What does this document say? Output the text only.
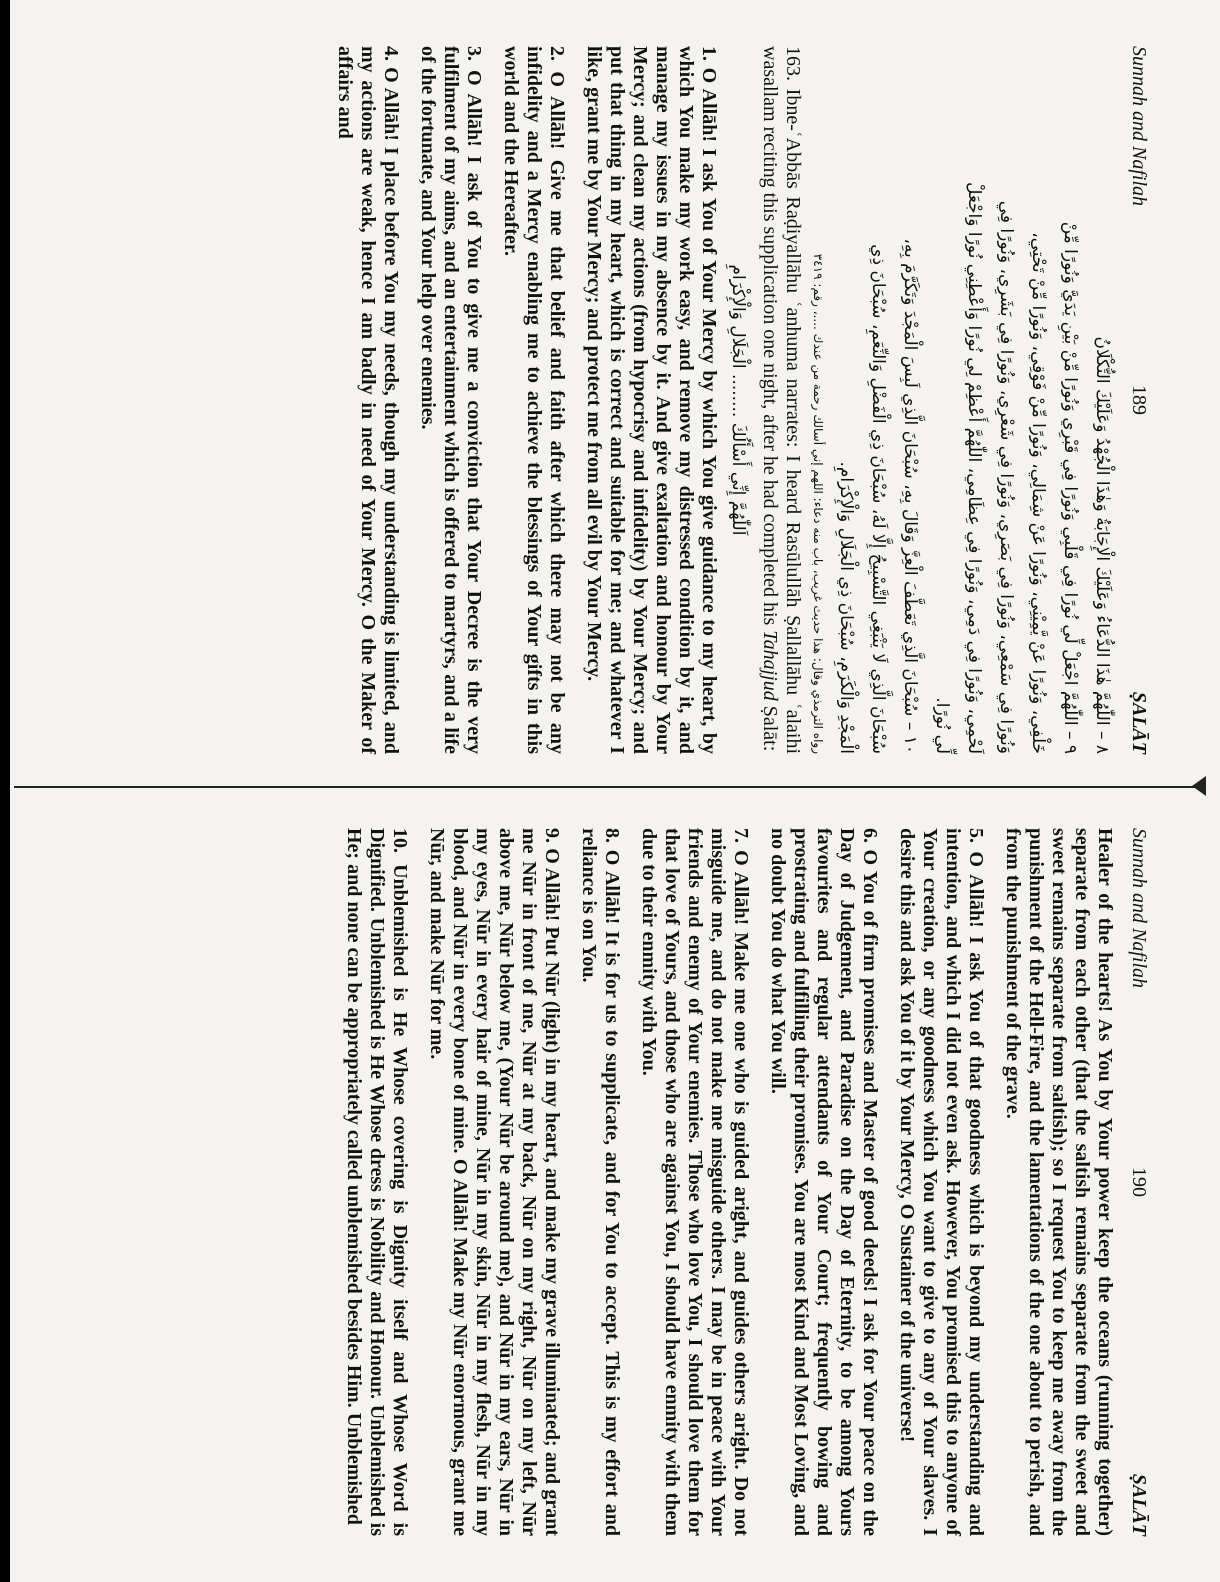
Sunnah and Nafilah
189
ṢALĀT

٨ – اللّٰهُمَّ هٰذَا الدُّعَاءُ وَعَلَيْكَ الْإِجَابَةُ وَهٰذَا الْجُهْدُ وَعَلَيْكَ التُّكْلَانُ

٩ – اللّٰهُمَّ اجْعَلْ لِّي نُورًا فِي قَلْبِي وَنُورًا فِي قَبْرِي وَنُورًا مِّنْ بَيْنِ يَدَيَّ وَنُورًا مِّنْ

خَلْفِي، وَنُورًا عَنْ يَّمِيْنِي، وَنُورًا عَنْ شِمَالِي، وَنُورًا مِّنْ فَوْقِي، وَنُورًا مِّنْ تَحْتِي،

وَنُورًا فِي سَمْعِي، وَنُورًا فِي بَصَرِي، وَنُورًا فِي شَعْرِي، وَنُورًا فِي بَشَرِي، وَنُورًا فِي

لَحْمِي، وَنُورًا فِي دَمِي، وَنُورًا فِي عِظَامِي، اللّٰهُمَّ أَعْظِمْ لِي نُورًا وَأَعْطِنِي نُورًا وَاجْعَلْ

لِّي نُورًا.

١٠ – سُبْحَانَ الَّذِي تَعَطَّفَ الْعِزَّ وَقَالَ بِهِ، سُبْحَانَ الَّذِي لَبِسَ الْمَجْدَ وَتَكَرَّمَ بِهِ،

سُبْحَانَ الَّذِي لَا يَنْبَغِي التَّسْبِيحُ إِلَّا لَهُ، سُبْحَانَ ذِي الْفَضْلِ وَالنِّعَمِ، سُبْحَانَ ذِي

الْمَجْدِ وَالْكَرَمِ، سُبْحَانَ ذِي الْجَلَالِ وَالْإِكْرَامِ.

رواه الترمذي وقال: هذا حديث غريب، باب منه دعاء: اللهم إني أسالك رحمة من عندك ....، رقم: ٣٤١٩

163. Ibne-ʿAbbās Raḍiyallāhu ʿanhuma narrates: I heard Rasūlullāh Ṣallallāhu ʿalaihi wasallam reciting this supplication one night, after he had completed his Tahajjud Ṣalāt:

اَللّٰهُمَّ إِنِّي أَسْأَلُكَ ........ الْجَلَالِ وَالْإِكْرَامِ

1. O Allāh! I ask You of Your Mercy by which You give guidance to my heart, by which You make my work easy, and remove my distressed condition by it, and manage my issues in my absence by it. And give exaltation and honour by Your Mercy; and clean my actions (from hypocrisy and infidelity) by Your Mercy; and put that thing in my heart, which is correct and suitable for me; and whatever I like, grant me by Your Mercy; and protect me from all evil by Your Mercy.

2. O Allāh! Give me that belief and faith after which there may not be any infidelity and a Mercy enabling me to achieve the blessings of Your gifts in this world and the Hereafter.

3. O Allāh! I ask of You to give me a conviction that Your Decree is the very fulfilment of my aims, and an entertainment which is offered to martyrs, and a life of the fortunate, and Your help over enemies.

4. O Allāh! I place before You my needs, though my understanding is limited, and my actions are weak, hence I am badly in need of Your Mercy. O the Maker of affairs and

Sunnah and Nafilah
190
ṢALĀT

Healer of the hearts! As You by Your power keep the oceans (running together) separate from each other (that the saltish remains separate from the sweet and sweet remains separate from saltish); so I request You to keep me away from the punishment of the Hell-Fire, and the lamentations of the one about to perish, and from the punishment of the grave.

5. O Allāh! I ask You of that goodness which is beyond my understanding and intention, and which I did not even ask. However, You promised this to anyone of Your creation, or any goodness which You want to give to any of Your slaves. I desire this and ask You of it by Your Mercy, O Sustainer of the universe!

6. O You of firm promises and Master of good deeds! I ask for Your peace on the Day of Judgement, and Paradise on the Day of Eternity, to be among Yours favourites and regular attendants of Your Court; frequently bowing and prostrating and fulfilling their promises. You are most Kind and Most Loving, and no doubt You do what You will.

7. O Allāh! Make me one who is guided aright, and guides others aright. Do not misguide me, and do not make me misguide others. I may be in peace with Your friends and enemy of Your enemies. Those who love You, I should love them for that love of Yours, and those who are against You, I should have enmity with them due to their enmity with You.

8. O Allāh! It is for us to supplicate, and for You to accept. This is my effort and reliance is on You.

9. O Allāh! Put Nūr (light) in my heart, and make my grave illuminated; and grant me Nūr in front of me, Nūr at my back, Nūr on my right, Nūr on my left, Nūr above me, Nūr below me, (Your Nūr be around me), and Nūr in my ears, Nūr in my eyes, Nūr in every hair of mine, Nūr in my skin, Nūr in my flesh, Nūr in my blood, and Nūr in every bone of mine. O Allāh! Make my Nūr enormous, grant me Nūr, and make Nūr for me.

10. Unblemished is He Whose covering is Dignity itself and Whose Word is Dignified. Unblemished is He Whose dress is Nobility and Honour. Unblemished is He; and none can be appropriately called unblemished besides Him. Unblemished
